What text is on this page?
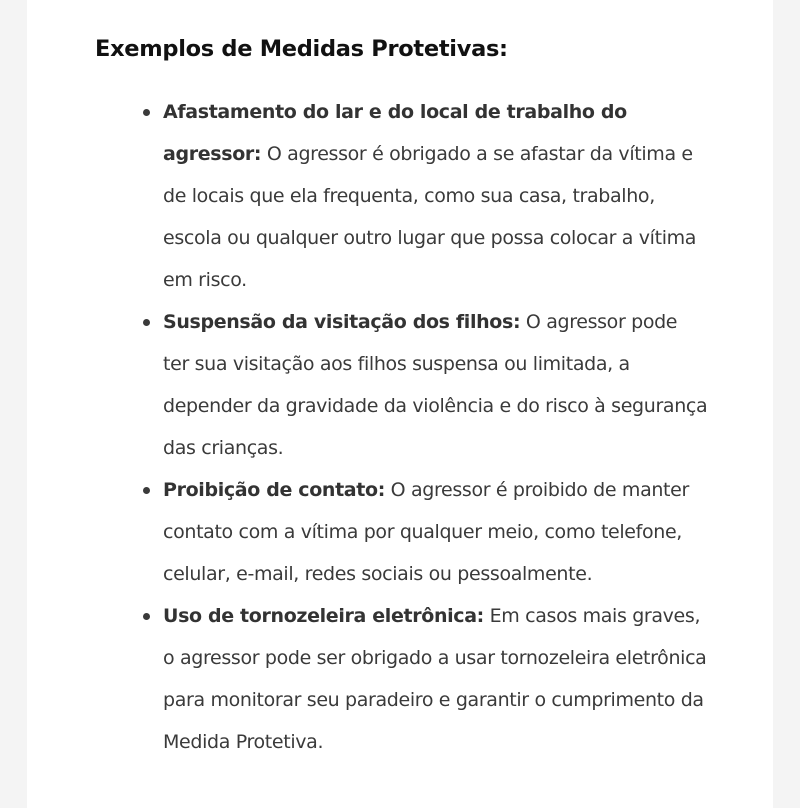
Exemplos de Medidas Protetivas:
Afastamento do lar e do local de trabalho do agressor: O agressor é obrigado a se afastar da vítima e de locais que ela frequenta, como sua casa, trabalho, escola ou qualquer outro lugar que possa colocar a vítima em risco.
Suspensão da visitação dos filhos: O agressor pode ter sua visitação aos filhos suspensa ou limitada, a depender da gravidade da violência e do risco à segurança das crianças.
Proibição de contato: O agressor é proibido de manter contato com a vítima por qualquer meio, como telefone, celular, e-mail, redes sociais ou pessoalmente.
Uso de tornozeleira eletrônica: Em casos mais graves, o agressor pode ser obrigado a usar tornozeleira eletrônica para monitorar seu paradeiro e garantir o cumprimento da Medida Protetiva.
